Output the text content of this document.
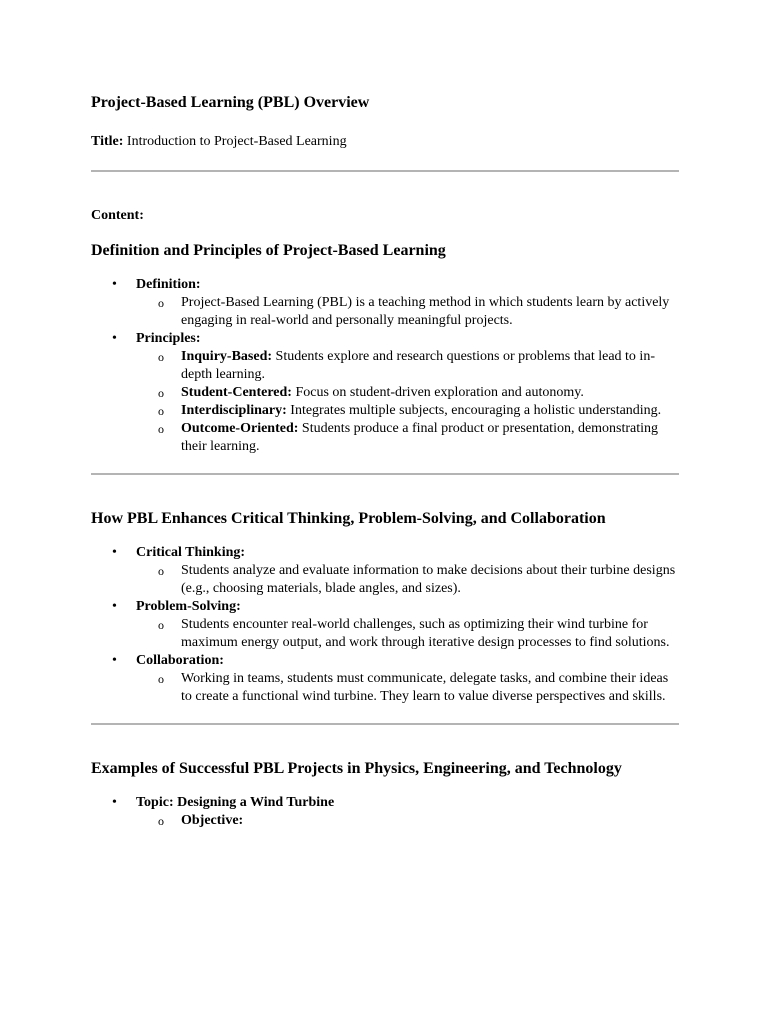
Project-Based Learning (PBL) Overview

Title: Introduction to Project-Based Learning

Content:

Definition and Principles of Project-Based Learning
•	Definition:
o Project-Based Learning (PBL) is a teaching method in which students learn by actively engaging in real-world and personally meaningful projects.
•	Principles:
o Inquiry-Based: Students explore and research questions or problems that lead to in-depth learning.
o Student-Centered: Focus on student-driven exploration and autonomy.
o Interdisciplinary: Integrates multiple subjects, encouraging a holistic understanding.
o Outcome-Oriented: Students produce a final product or presentation, demonstrating their learning.
How PBL Enhances Critical Thinking, Problem-Solving, and Collaboration
•	Critical Thinking:
o Students analyze and evaluate information to make decisions about their turbine designs (e.g., choosing materials, blade angles, and sizes).
•	Problem-Solving:
o Students encounter real-world challenges, such as optimizing their wind turbine for maximum energy output, and work through iterative design processes to find solutions.
•	Collaboration:
o Working in teams, students must communicate, delegate tasks, and combine their ideas to create a functional wind turbine. They learn to value diverse perspectives and skills.
Examples of Successful PBL Projects in Physics, Engineering, and Technology
•	Topic: Designing a Wind Turbine
o Objective:
